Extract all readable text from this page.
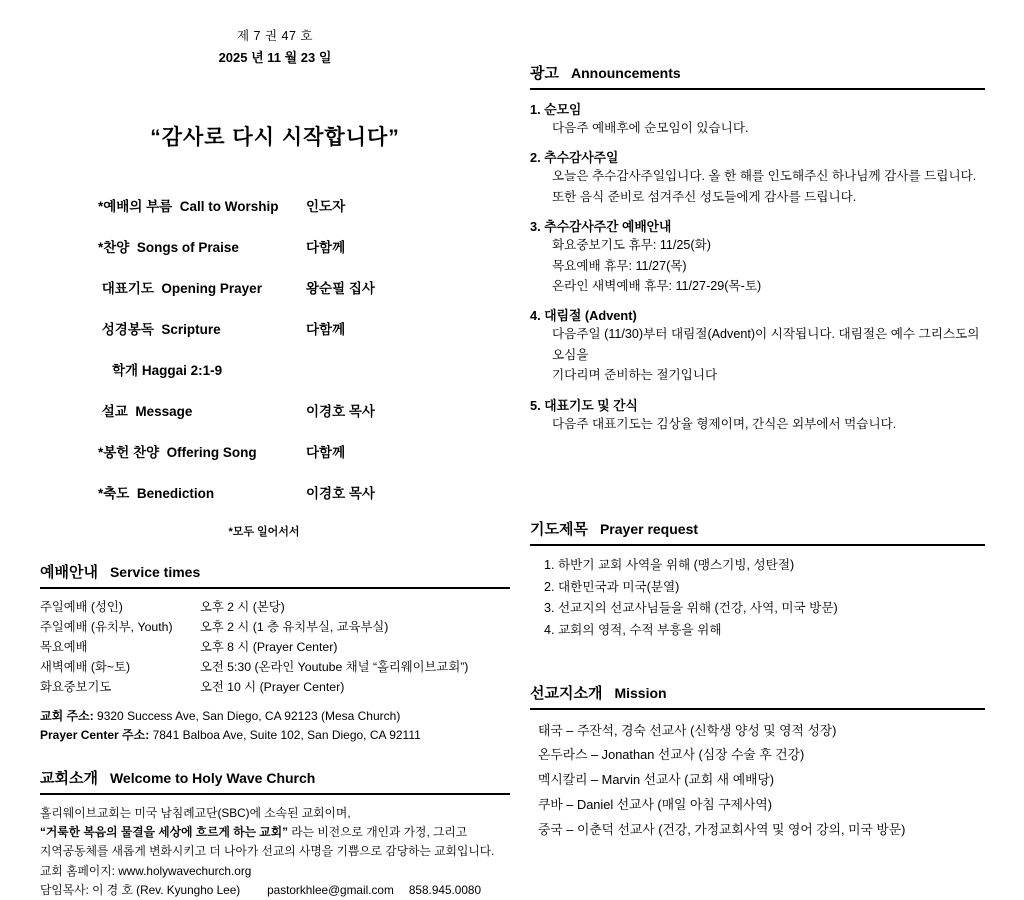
제 7 권 47 호
2025 년 11 월 23 일
“감사로 다시 시작합니다”
*예배의 부름  Call to Worship	인도자
*찬양  Songs of Praise	다함께
대표기도  Opening Prayer	왕순필 집사
성경봉독  Scripture	다함께
학개 Haggai 2:1-9
설교  Message	이경호 목사
*봉헌 찬양  Offering Song	다함께
*축도  Benediction	이경호 목사
*모두 일어서서
예배안내 Service times
주일예배 (성인)	오후 2 시 (본당)
주일예배 (유치부, Youth)	오후 2 시 (1 층 유치부실, 교육부실)
목요예배	오후 8 시 (Prayer Center)
새벽예배 (화~토)	오전 5:30 (온라인 Youtube 채널 “홀리웨이브교회”)
화요중보기도	오전 10 시 (Prayer Center)
교회 주소: 9320 Success Ave, San Diego, CA 92123 (Mesa Church)
Prayer Center 주소: 7841 Balboa Ave, Suite 102, San Diego, CA 92111
교회소개 Welcome to Holy Wave Church
홀리웨이브교회는 미국 남침례교단(SBC)에 소속된 교회이며,
“거룩한 복음의 물결을 세상에 흐르게 하는 교회” 라는 비전으로 개인과 가정, 그리고
지역공동체를 새롭게 변화시키고 더 나아가 선교의 사명을 기쁨으로 감당하는 교회입니다.
교회 홈페이지: www.holywavechurch.org
담임목사: 이 경 호 (Rev. Kyungho Lee)   pastorkhlee@gmail.com  858.945.0080
광고 Announcements
1. 순모임
다음주 예배후에 순모임이 있습니다.
2. 추수감사주일
오늘은 추수감사주일입니다. 올 한 해를 인도해주신 하나님께 감사를 드립니다.
또한 음식 준비로 섬겨주신 성도들에게 감사를 드립니다.
3. 추수감사주간 예배안내
화요중보기도 휴무: 11/25(화)
목요예배 휴무: 11/27(목)
온라인 새벽예배 휴무: 11/27-29(목-토)
4. 대림절 (Advent)
다음주일 (11/30)부터 대림절(Advent)이 시작됩니다. 대림절은 예수 그리스도의 오심을
기다리며 준비하는 절기입니다
5. 대표기도 및 간식
다음주 대표기도는 김상율 형제이며, 간식은 외부에서 먹습니다.
기도제목 Prayer request
1. 하반기 교회 사역을 위해 (맹스기빙, 성탄절)
2. 대한민국과 미국(분열)
3. 선교지의 선교사님들을 위해 (건강, 사역, 미국 방문)
4. 교회의 영적, 수적 부흥을 위해
선교지소개 Mission
태국 – 주잔석, 경숙 선교사 (신학생 양성 및 영적 성장)
온두라스 – Jonathan 선교사 (심장 수술 후 건강)
멕시칼리 – Marvin 선교사 (교회 새 예배당)
쿠바 – Daniel 선교사 (매일 아침 구제사역)
중국 – 이춘덕 선교사 (건강, 가정교회사역 및 영어 강의, 미국 방문)
